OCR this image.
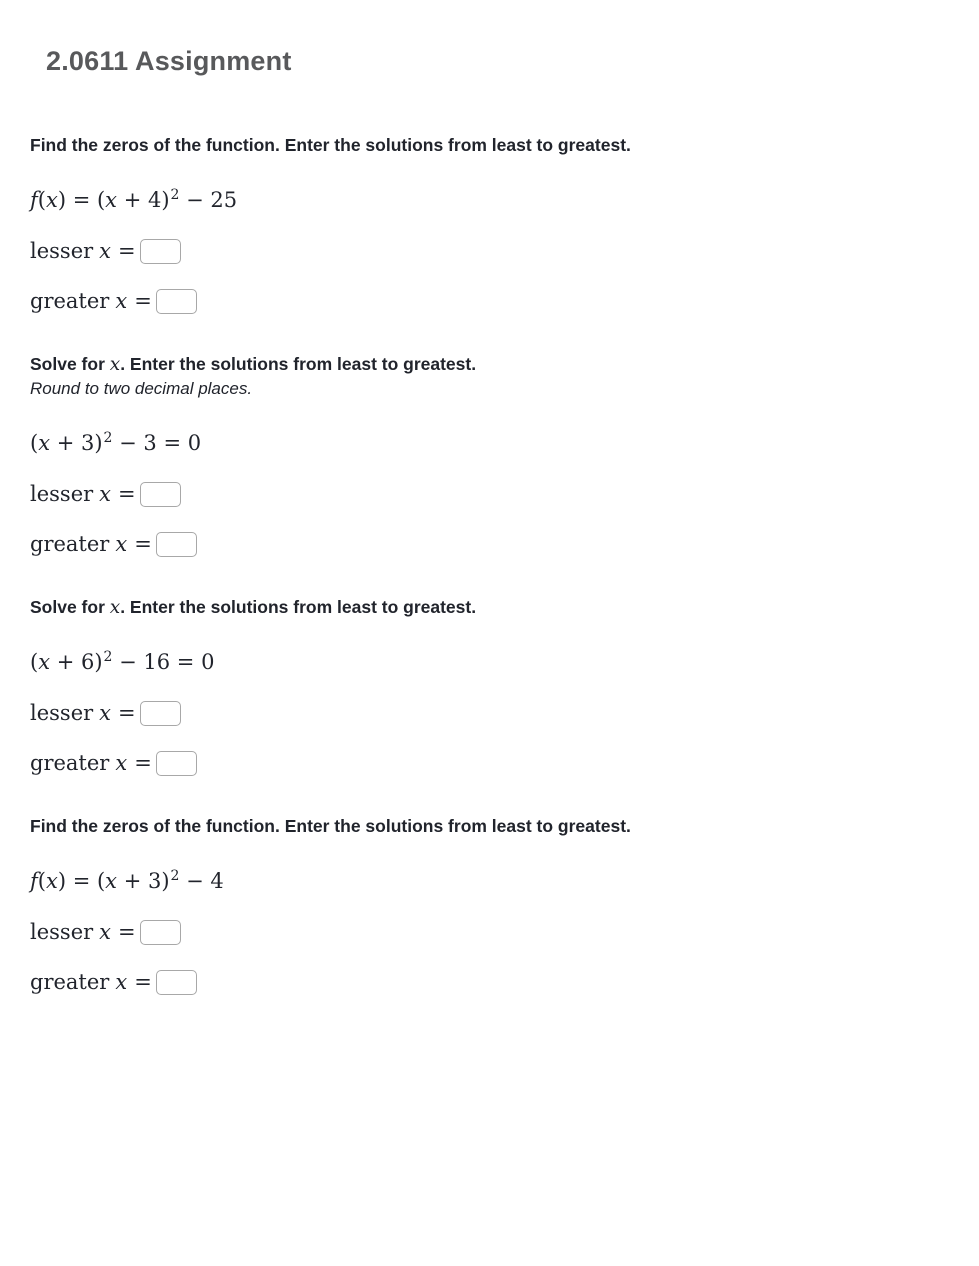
2.0611 Assignment

Find the zeros of the function. Enter the solutions from least to greatest.

f(x) = (x + 4)2 − 25
lesser x =
greater x =

Solve for x. Enter the solutions from least to greatest.

Round to two decimal places.

(x + 3)2 − 3 = 0
lesser x =
greater x =

Solve for x. Enter the solutions from least to greatest.

(x + 6)2 − 16 = 0
lesser x =
greater x =

Find the zeros of the function. Enter the solutions from least to greatest.

f(x) = (x + 3)2 − 4
lesser x =
greater x =
